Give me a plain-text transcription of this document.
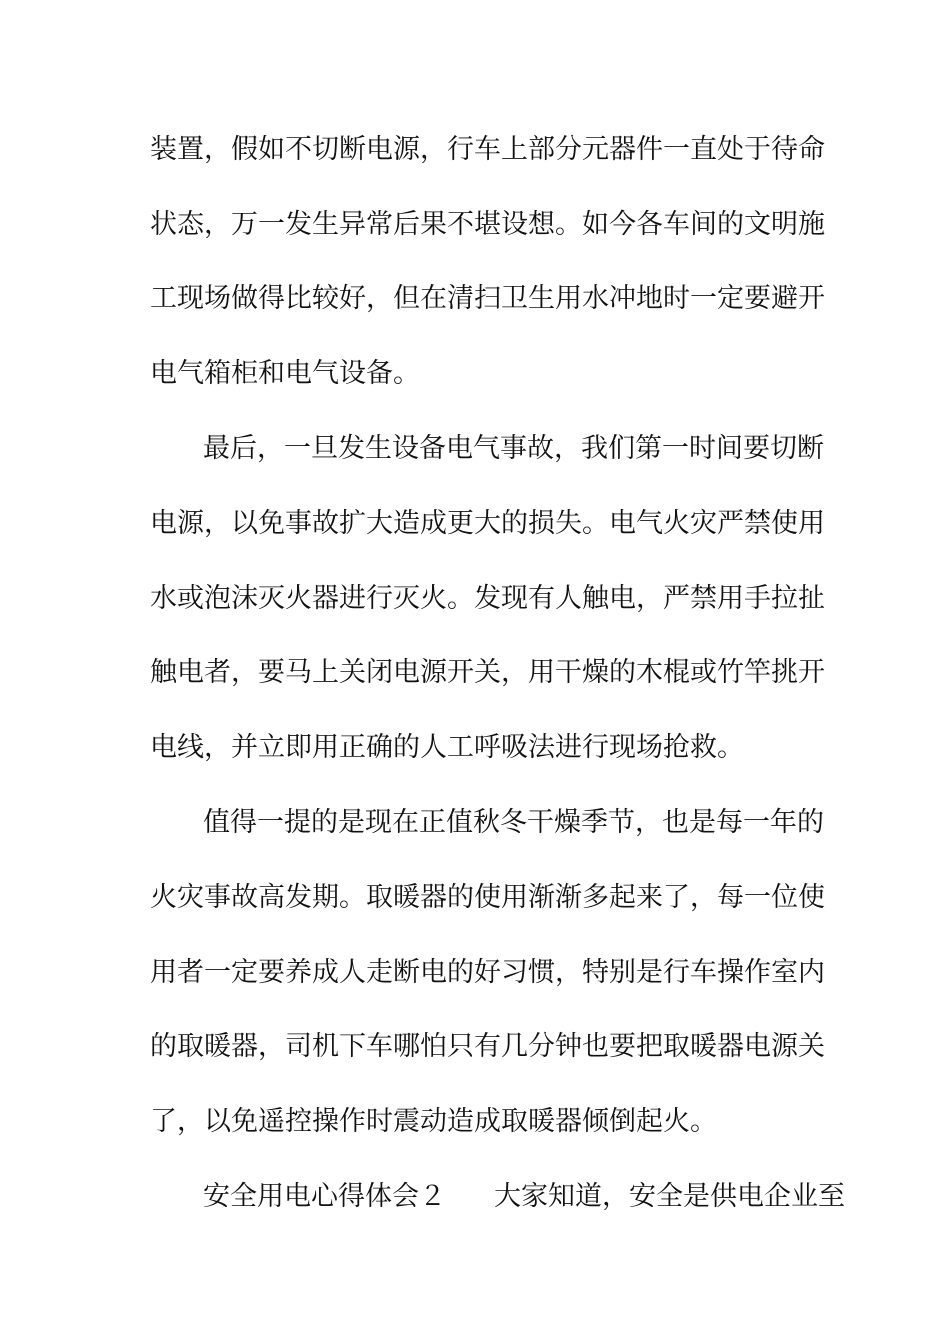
装置，假如不切断电源，行车上部分元器件一直处于待命
状态，万一发生异常后果不堪设想。如今各车间的文明施
工现场做得比较好，但在清扫卫生用水冲地时一定要避开
电气箱柜和电气设备。
最后，一旦发生设备电气事故，我们第一时间要切断
电源，以免事故扩大造成更大的损失。电气火灾严禁使用
水或泡沫灭火器进行灭火。发现有人触电，严禁用手拉扯
触电者，要马上关闭电源开关，用干燥的木棍或竹竿挑开
电线，并立即用正确的人工呼吸法进行现场抢救。
值得一提的是现在正值秋冬干燥季节，也是每一年的
火灾事故高发期。取暖器的使用渐渐多起来了，每一位使
用者一定要养成人走断电的好习惯，特别是行车操作室内
的取暖器，司机下车哪怕只有几分钟也要把取暖器电源关
了，以免遥控操作时震动造成取暖器倾倒起火。
安全用电心得体会２ 大家知道，安全是供电企业至
